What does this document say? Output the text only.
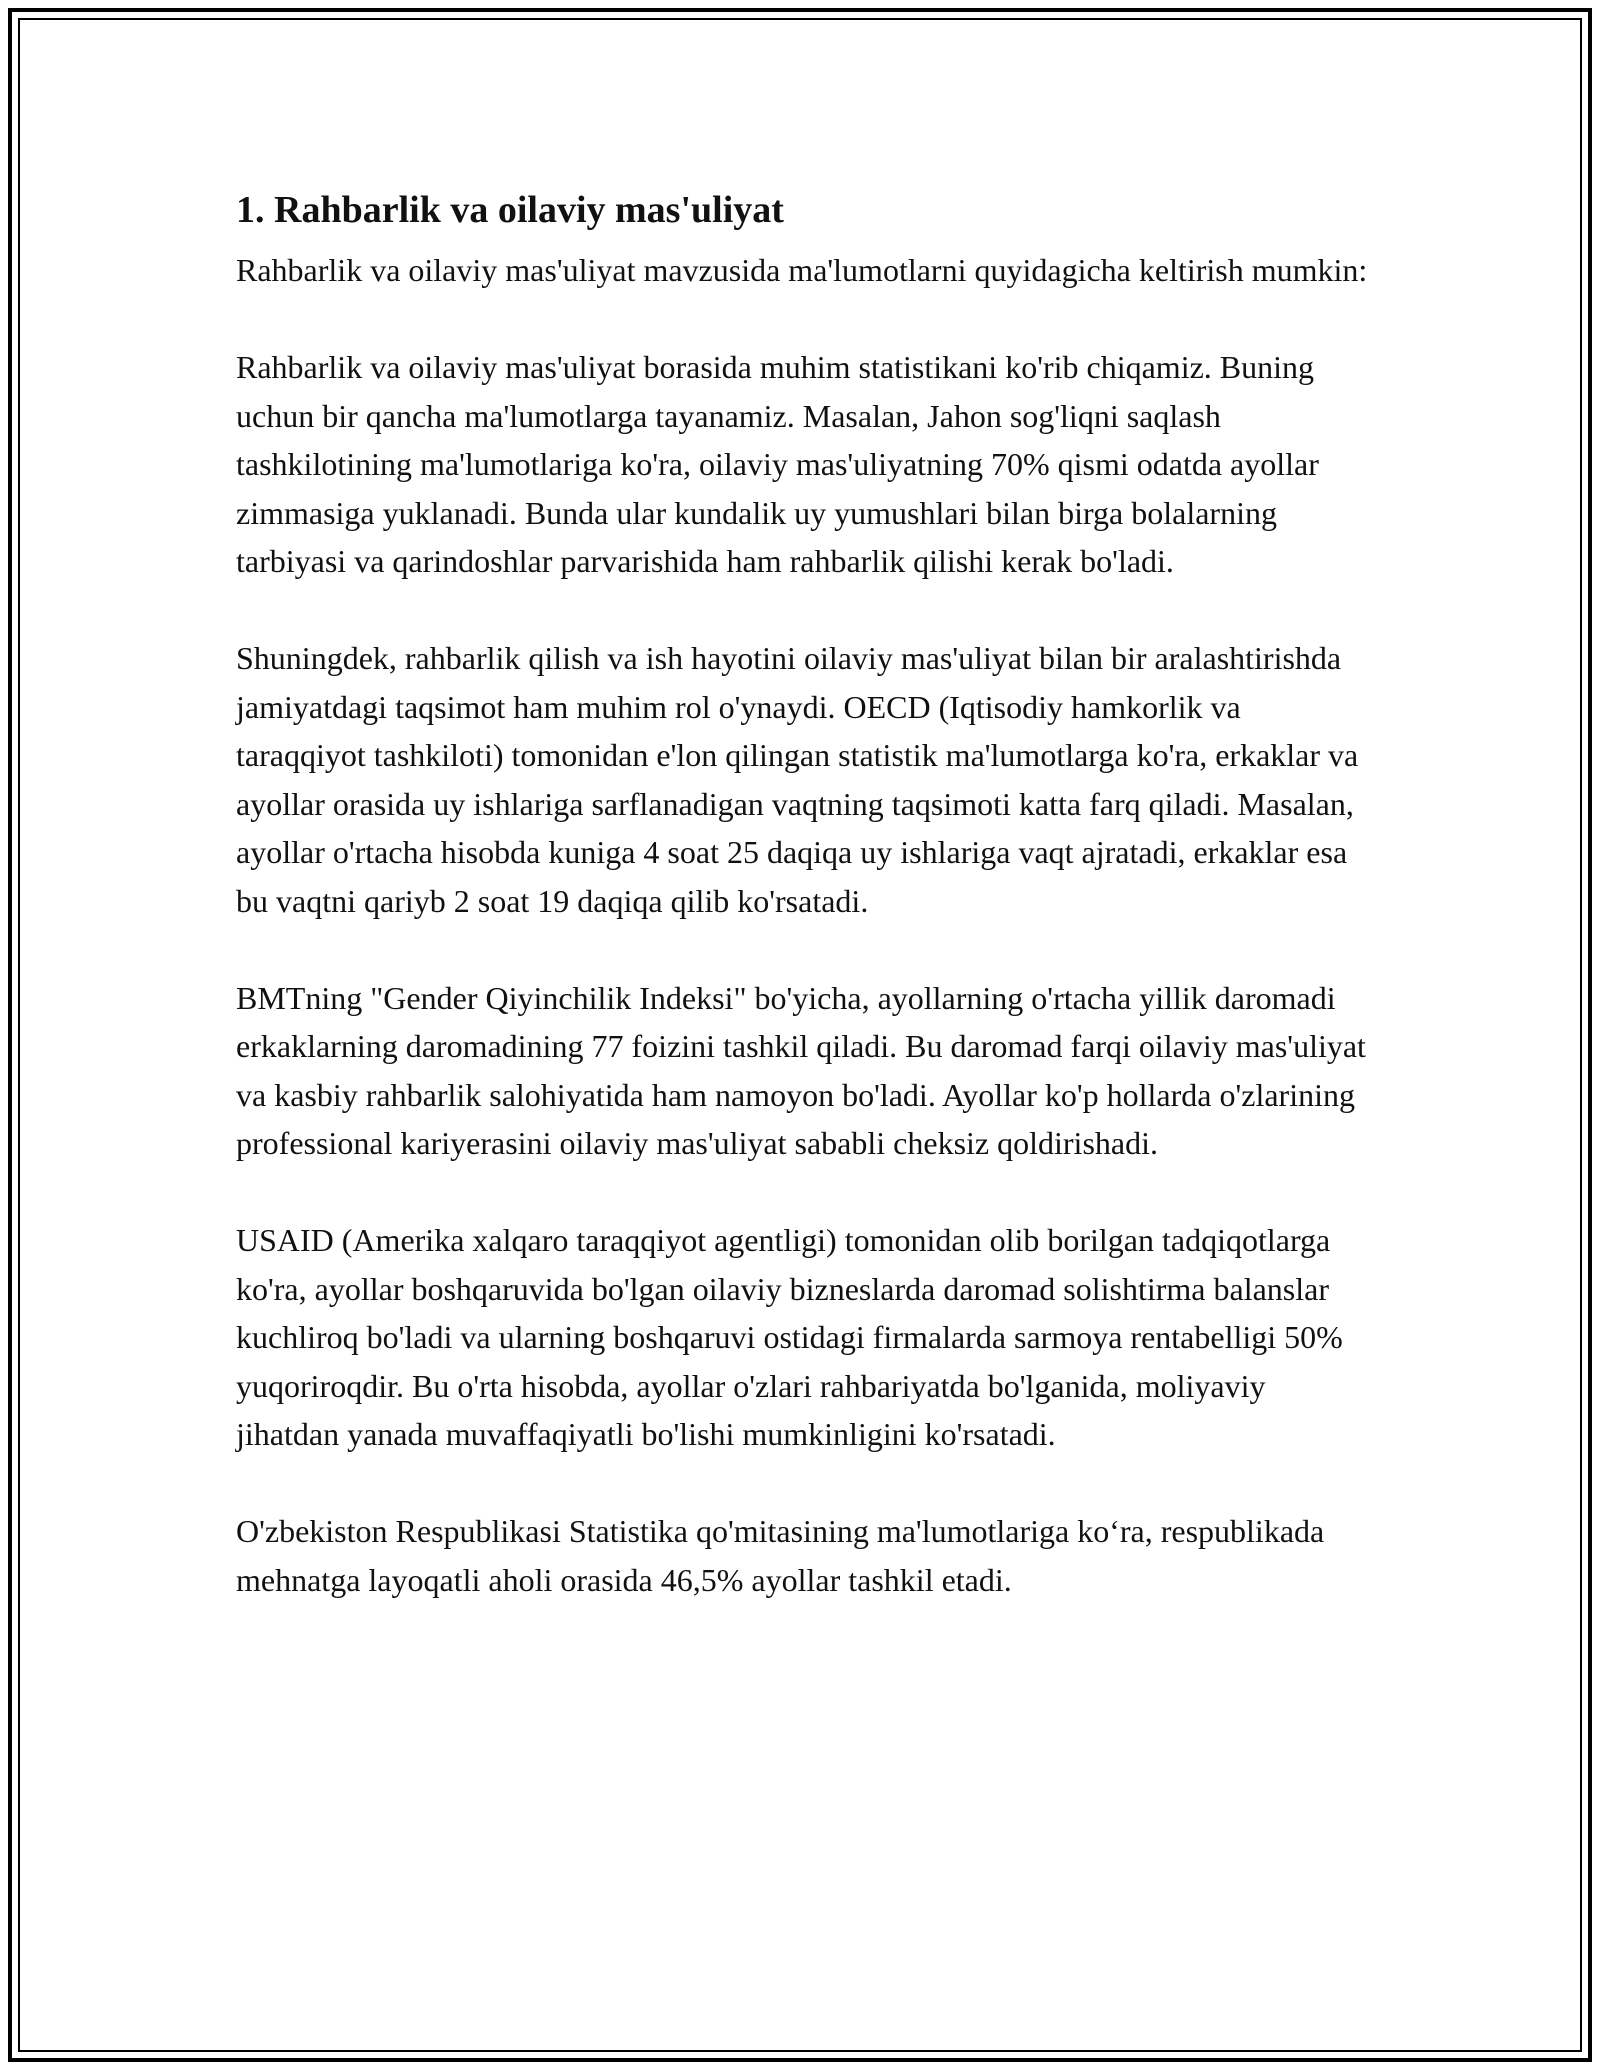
1. Rahbarlik va oilaviy mas'uliyat

Rahbarlik va oilaviy mas'uliyat mavzusida ma'lumotlarni quyidagicha keltirish mumkin:

Rahbarlik va oilaviy mas'uliyat borasida muhim statistikani ko'rib chiqamiz. Buning uchun bir qancha ma'lumotlarga tayanamiz. Masalan, Jahon sog'liqni saqlash tashkilotining ma'lumotlariga ko'ra, oilaviy mas'uliyatning 70% qismi odatda ayollar zimmasiga yuklanadi. Bunda ular kundalik uy yumushlari bilan birga bolalarning tarbiyasi va qarindoshlar parvarishida ham rahbarlik qilishi kerak bo'ladi.

Shuningdek, rahbarlik qilish va ish hayotini oilaviy mas'uliyat bilan bir aralashtirishda jamiyatdagi taqsimot ham muhim rol o'ynaydi. OECD (Iqtisodiy hamkorlik va taraqqiyot tashkiloti) tomonidan e'lon qilingan statistik ma'lumotlarga ko'ra, erkaklar va ayollar orasida uy ishlariga sarflanadigan vaqtning taqsimoti katta farq qiladi. Masalan, ayollar o'rtacha hisobda kuniga 4 soat 25 daqiqa uy ishlariga vaqt ajratadi, erkaklar esa bu vaqtni qariyb 2 soat 19 daqiqa qilib ko'rsatadi.

BMTning "Gender Qiyinchilik Indeksi" bo'yicha, ayollarning o'rtacha yillik daromadi erkaklarning daromadining 77 foizini tashkil qiladi. Bu daromad farqi oilaviy mas'uliyat va kasbiy rahbarlik salohiyatida ham namoyon bo'ladi. Ayollar ko'p hollarda o'zlarining professional kariyerasini oilaviy mas'uliyat sababli cheksiz qoldirishadi.

USAID (Amerika xalqaro taraqqiyot agentligi) tomonidan olib borilgan tadqiqotlarga ko'ra, ayollar boshqaruvida bo'lgan oilaviy bizneslarda daromad solishtirma balanslar kuchliroq bo'ladi va ularning boshqaruvi ostidagi firmalarda sarmoya rentabelligi 50% yuqoriroqdir. Bu o'rta hisobda, ayollar o'zlari rahbariyatda bo'lganida, moliyaviy jihatdan yanada muvaffaqiyatli bo'lishi mumkinligini ko'rsatadi.

O'zbekiston Respublikasi Statistika qo'mitasining ma'lumotlariga ko‘ra, respublikada mehnatga layoqatli aholi orasida 46,5% ayollar tashkil etadi.
